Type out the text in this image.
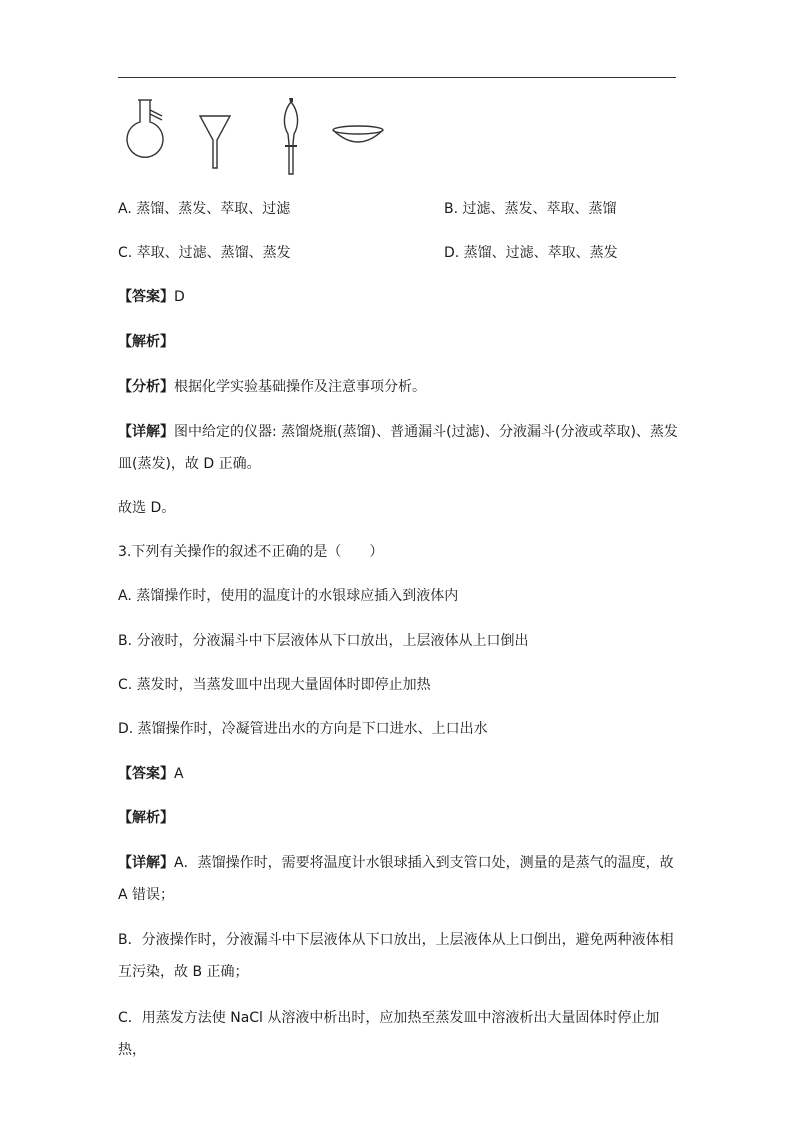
A. 蒸馏、蒸发、萃取、过滤	B. 过滤、蒸发、萃取、蒸馏
C. 萃取、过滤、蒸馏、蒸发	D. 蒸馏、过滤、萃取、蒸发
【答案】D
【解析】
【分析】根据化学实验基础操作及注意事项分析。
【详解】图中给定的仪器: 蒸馏烧瓶(蒸馏)、普通漏斗(过滤)、分液漏斗(分液或萃取)、蒸发皿(蒸发)，故 D 正确。
故选 D。
3.下列有关操作的叙述不正确的是（　　）
A. 蒸馏操作时，使用的温度计的水银球应插入到液体内
B. 分液时，分液漏斗中下层液体从下口放出，上层液体从上口倒出
C. 蒸发时，当蒸发皿中出现大量固体时即停止加热
D. 蒸馏操作时，冷凝管进出水的方向是下口进水、上口出水
【答案】A
【解析】
【详解】A．蒸馏操作时，需要将温度计水银球插入到支管口处，测量的是蒸气的温度，故 A 错误；
B．分液操作时，分液漏斗中下层液体从下口放出，上层液体从上口倒出，避免两种液体相互污染，故 B 正确；
C．用蒸发方法使 NaCl 从溶液中析出时，应加热至蒸发皿中溶液析出大量固体时停止加热，
